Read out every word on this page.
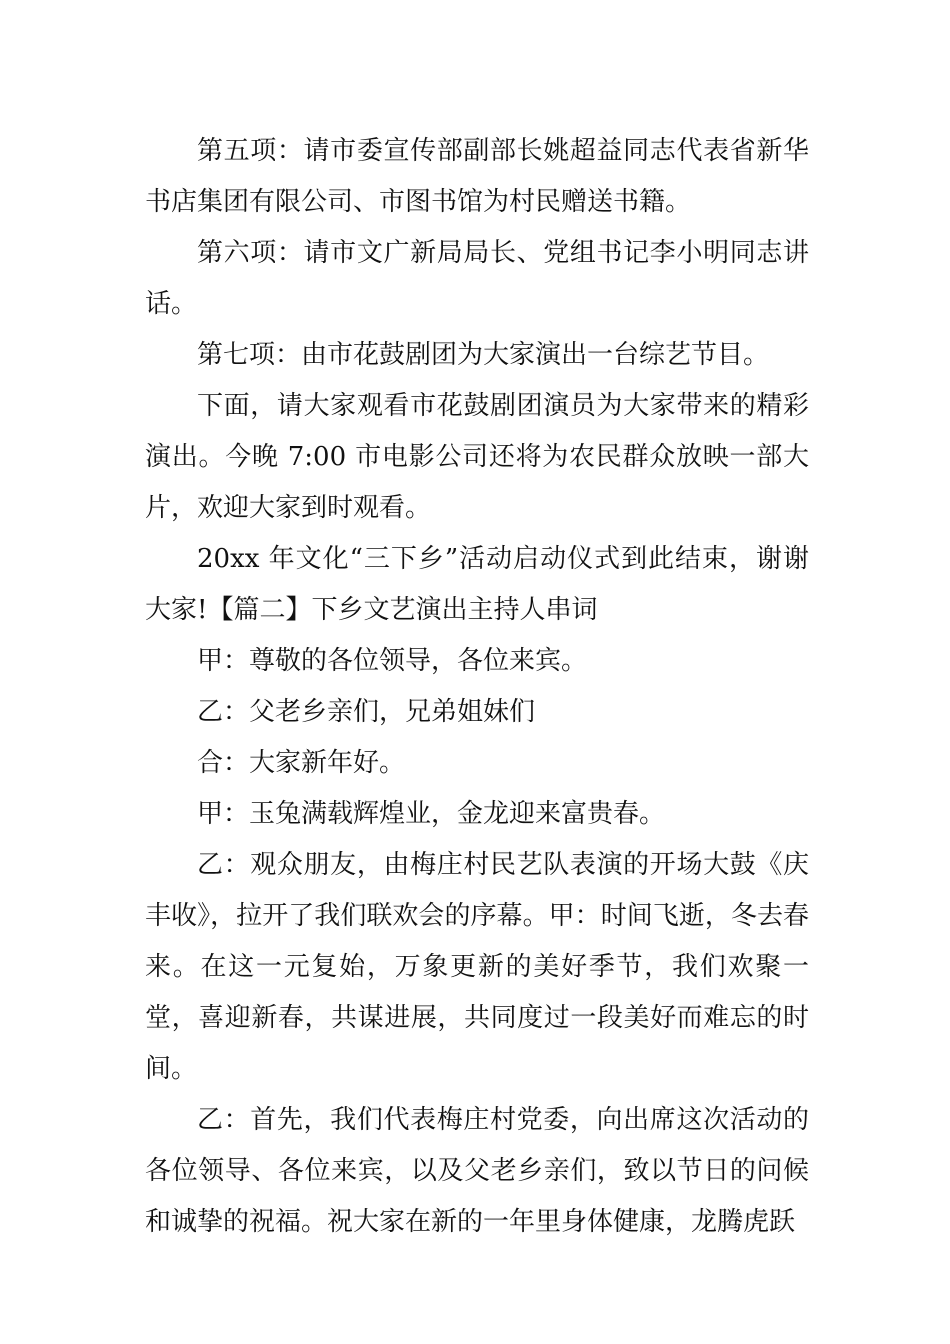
第五项：请市委宣传部副部长姚超益同志代表省新华书店集团有限公司、市图书馆为村民赠送书籍。

第六项：请市文广新局局长、党组书记李小明同志讲话。

第七项：由市花鼓剧团为大家演出一台综艺节目。

下面，请大家观看市花鼓剧团演员为大家带来的精彩演出。今晚 7:00 市电影公司还将为农民群众放映一部大片，欢迎大家到时观看。

20xx 年文化“三下乡”活动启动仪式到此结束，谢谢大家!【篇二】下乡文艺演出主持人串词

甲：尊敬的各位领导，各位来宾。

乙：父老乡亲们，兄弟姐妹们

合：大家新年好。

甲：玉兔满载辉煌业，金龙迎来富贵春。

乙：观众朋友，由梅庄村民艺队表演的开场大鼓《庆丰收》，拉开了我们联欢会的序幕。甲：时间飞逝，冬去春来。在这一元复始，万象更新的美好季节，我们欢聚一堂，喜迎新春，共谋进展，共同度过一段美好而难忘的时间。

乙：首先，我们代表梅庄村党委，向出席这次活动的各位领导、各位来宾，以及父老乡亲们，致以节日的问候和诚挚的祝福。祝大家在新的一年里身体健康，龙腾虎跃
